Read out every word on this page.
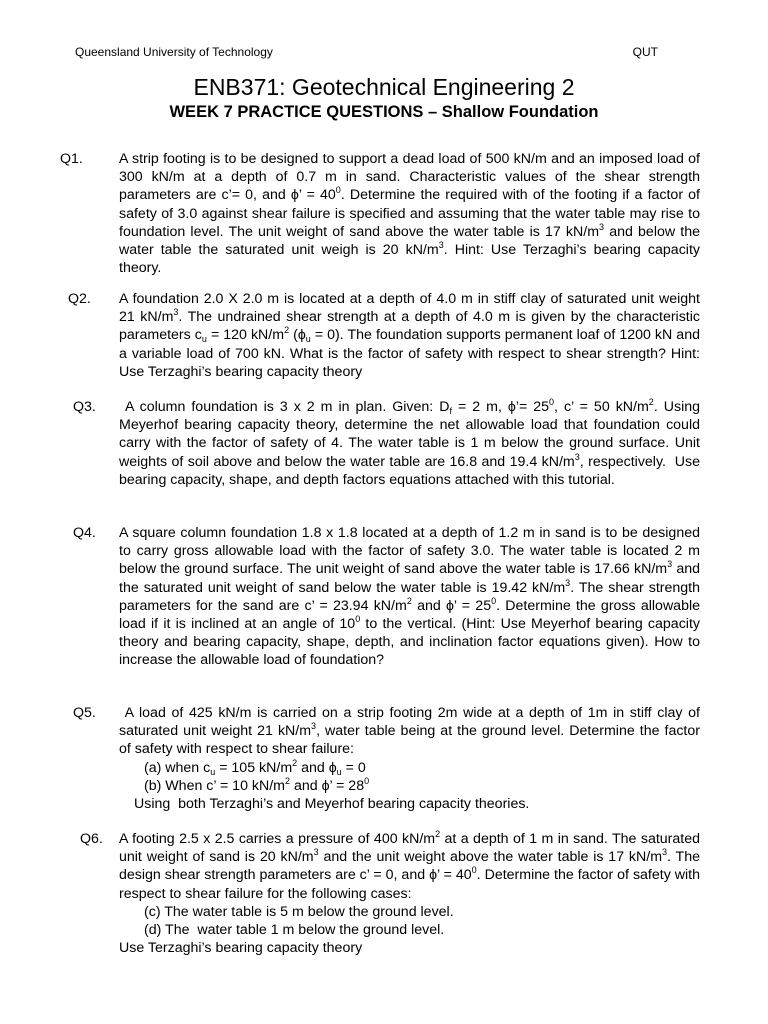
Queensland University of Technology	QUT
ENB371: Geotechnical Engineering 2
WEEK 7 PRACTICE QUESTIONS – Shallow Foundation
Q1.	A strip footing is to be designed to support a dead load of 500 kN/m and an imposed load of 300 kN/m at a depth of 0.7 m in sand. Characteristic values of the shear strength parameters are c’= 0, and ϕ’ = $40^0$. Determine the required with of the footing if a factor of safety of 3.0 against shear failure is specified and assuming that the water table may rise to foundation level. The unit weight of sand above the water table is 17 $kN/m^3$ and below the water table the saturated unit weigh is 20 $kN/m^3$. Hint: Use Terzaghi’s bearing capacity theory.
Q2. A foundation 2.0 X 2.0 m is located at a depth of 4.0 m in stiff clay of saturated unit weight 21 $kN/m^3$. The undrained shear strength at a depth of 4.0 m is given by the characteristic parameters $c_u = 120$ $kN/m^2$ $(\phi_u = 0)$. The foundation supports permanent loaf of 1200 kN and a variable load of 700 kN. What is the factor of safety with respect to shear strength? Hint: Use Terzaghi’s bearing capacity theory
Q3. A column foundation is 3 x 2 m in plan. Given: $D_f = 2$ m, ϕ’= $25^0$, c’ = 50 $kN/m^2$. Using Meyerhof bearing capacity theory, determine the net allowable load that foundation could carry with the factor of safety of 4. The water table is 1 m below the ground surface. Unit weights of soil above and below the water table are 16.8 and 19.4 $kN/m^3$, respectively.  Use bearing capacity, shape, and depth factors equations attached with this tutorial.
Q4. A square column foundation 1.8 x 1.8 located at a depth of 1.2 m in sand is to be designed to carry gross allowable load with the factor of safety 3.0. The water table is located 2 m below the ground surface. The unit weight of sand above the water table is 17.66 $kN/m^3$ and the saturated unit weight of sand below the water table is 19.42 $kN/m^3$. The shear strength parameters for the sand are c’ = 23.94 $kN/m^2$ and ϕ’ = $25^0$. Determine the gross allowable load if it is inclined at an angle of $10^0$ to the vertical. (Hint: Use Meyerhof bearing capacity theory and bearing capacity, shape, depth, and inclination factor equations given). How to increase the allowable load of foundation?
Q5. A load of 425 kN/m is carried on a strip footing 2m wide at a depth of 1m in stiff clay of saturated unit weight 21 $kN/m^3$, water table being at the ground level. Determine the factor of safety with respect to shear failure:
(a) when $c_u = 105$ $kN/m^2$ and $\phi_u = 0$
(b) When c’ = 10 $kN/m^2$ and ϕ’ = $28^0$
Using  both Terzaghi’s and Meyerhof bearing capacity theories.
Q6. A footing 2.5 x 2.5 carries a pressure of 400 $kN/m^2$ at a depth of 1 m in sand. The saturated unit weight of sand is 20 $kN/m^3$ and the unit weight above the water table is 17 $kN/m^3$. The design shear strength parameters are c’ = 0, and ϕ’ = $40^0$. Determine the factor of safety with respect to shear failure for the following cases:
(c) The water table is 5 m below the ground level.
(d) The  water table 1 m below the ground level.
Use Terzaghi’s bearing capacity theory
